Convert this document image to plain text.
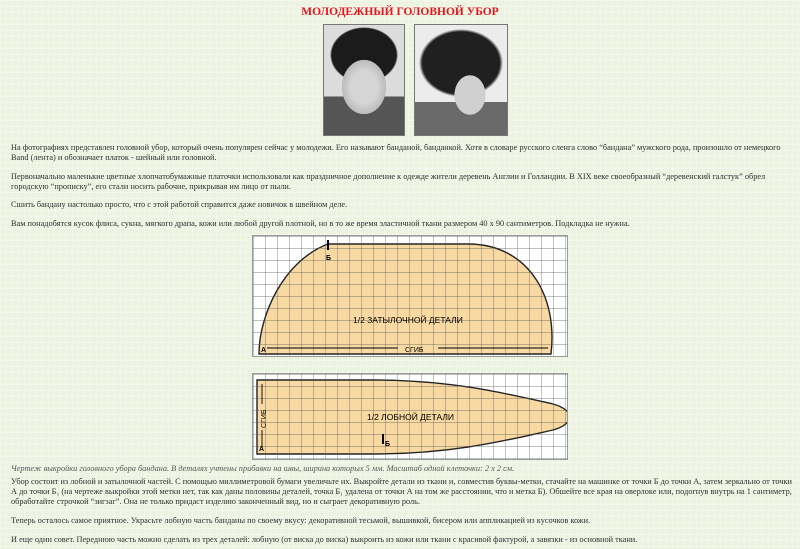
МОЛОДЕЖНЫЙ ГОЛОВНОЙ УБОР

На фотографиях представлен головной убор, который очень популярен сейчас у молодежи. Его называют банданой, банданкой. Хотя в словаре русского сленга слово “бандана” мужского рода, произошло от немецкого

Band (лента) и обозначает платок - шейный или головной.

Первоначально маленькие цветные хлопчатобумажные платочки использовали как праздничное дополнение к одежде жители деревень Англии и Голландии. В XIX веке своеобразный “деревенский галстук” обрел

городскую “прописку”, его стали носить рабочие, прикрывая им лицо от пыли.

Сшить бандану настолько просто, что с этой работой справится даже новичок в швейном деле.

Вам понадобятся кусок флиса, сукна, мягкого драпа, кожи или любой другой плотной, но в то же время эластичной ткани размером 40 х 90 сантиметров. Подкладка не нужна.

Б
А	СГИБ
1/2 ЗАТЫЛОЧНОЙ ДЕТАЛИ
СГИБ
А
Б
1/2 ЛОБНОЙ ДЕТАЛИ

Чертеж выкройки головного убора бандана. В деталях учтены прибавки на швы, ширина которых 5 мм. Масштаб одной клеточки: 2 х 2 см.

Убор состоит из лобной и затылочной частей. С помощью миллиметровой бумаги увеличьте их. Выкройте детали из ткани и, совместив буквы-метки, стачайте на машинке от точки Б до точки А, затем зеркально от точки

А до точки Б₁ (на чертеже выкройки этой метки нет, так как даны половины деталей, точка Б₁ удалена от точки А на том же расстоянии, что и метка Б). Обшейте все края на оверлоке или, подогнув внутрь на 1 сантиметр,

обработайте строчкой “зигзаг”. Она не только придаст изделию законченный вид, но и сыграет декоративную роль.

Теперь осталось самое приятное. Украсьте лобную часть банданы по своему вкусу: декоративной тесьмой, вышивкой, бисером или аппликацией из кусочков кожи.

И еще один совет. Переднюю часть можно сделать из трех деталей: лобную (от виска до виска) выкроить из кожи или ткани с красивой фактурой, а завязки - из основной ткани.
